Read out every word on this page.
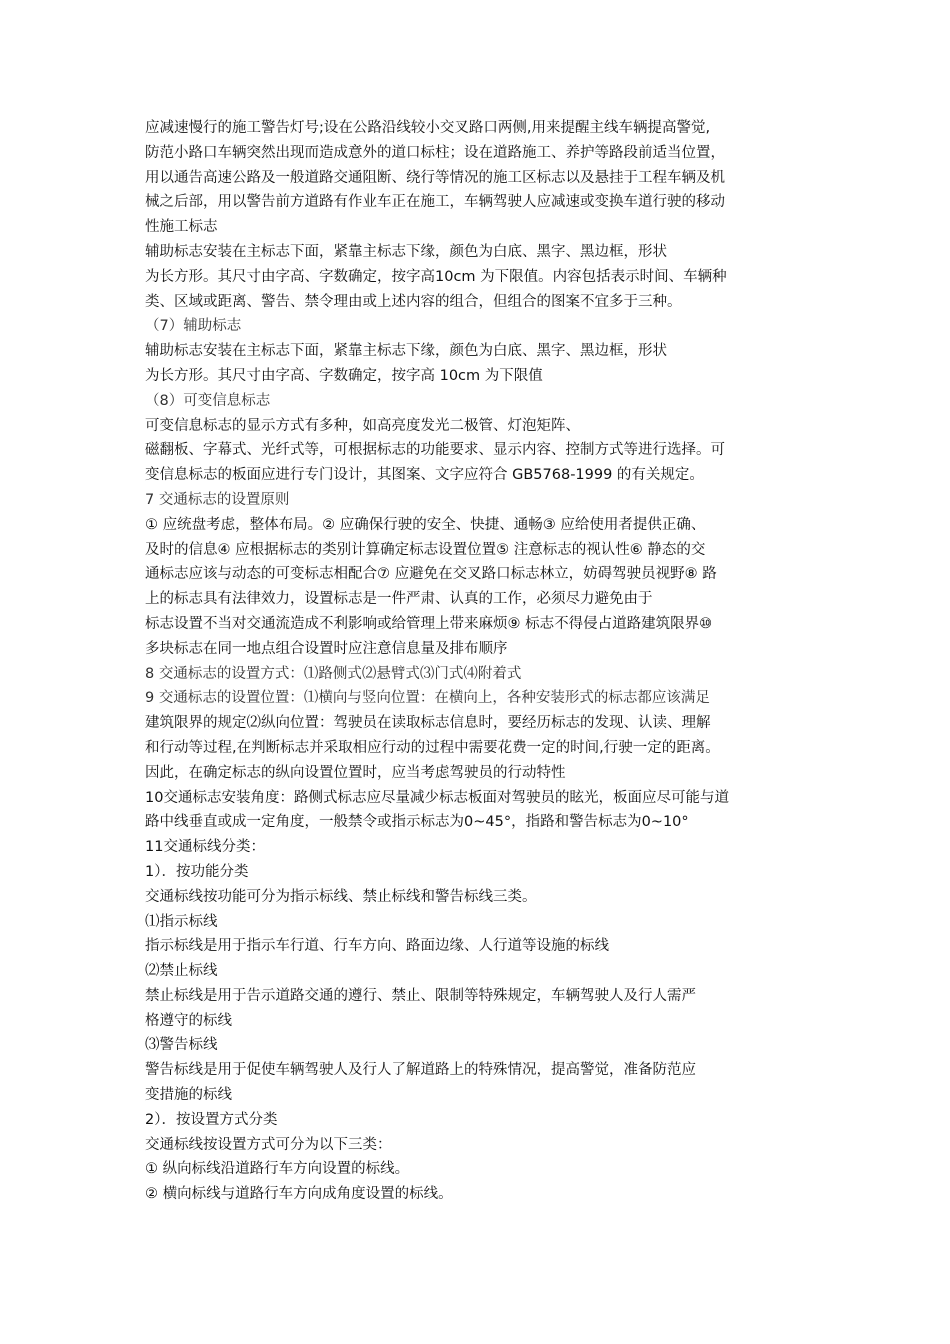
应减速慢行的施工警告灯号;设在公路沿线较小交叉路口两侧,用来提醒主线车辆提高警觉,
防范小路口车辆突然出现而造成意外的道口标柱；设在道路施工、养护等路段前适当位置，
用以通告高速公路及一般道路交通阻断、绕行等情况的施工区标志以及悬挂于工程车辆及机
械之后部，用以警告前方道路有作业车正在施工，车辆驾驶人应减速或变换车道行驶的移动
性施工标志
辅助标志安装在主标志下面，紧靠主标志下缘，颜色为白底、黑字、黑边框，形状
为长方形。其尺寸由字高、字数确定，按字高10cm 为下限值。内容包括表示时间、车辆种
类、区域或距离、警告、禁令理由或上述内容的组合，但组合的图案不宜多于三种。
（7）辅助标志
辅助标志安装在主标志下面，紧靠主标志下缘，颜色为白底、黑字、黑边框，形状
为长方形。其尺寸由字高、字数确定，按字高 10cm 为下限值
（8）可变信息标志
可变信息标志的显示方式有多种，如高亮度发光二极管、灯泡矩阵、
磁翻板、字幕式、光纤式等，可根据标志的功能要求、显示内容、控制方式等进行选择。可
变信息标志的板面应进行专门设计，其图案、文字应符合 GB5768-1999 的有关规定。
7 交通标志的设置原则
① 应统盘考虑，整体布局。② 应确保行驶的安全、快捷、通畅③ 应给使用者提供正确、
及时的信息④ 应根据标志的类别计算确定标志设置位置⑤ 注意标志的视认性⑥ 静态的交
通标志应该与动态的可变标志相配合⑦ 应避免在交叉路口标志林立，妨碍驾驶员视野⑧ 路
上的标志具有法律效力，设置标志是一件严肃、认真的工作，必须尽力避免由于
标志设置不当对交通流造成不利影响或给管理上带来麻烦⑨ 标志不得侵占道路建筑限界⑩
多块标志在同一地点组合设置时应注意信息量及排布顺序
8 交通标志的设置方式：⑴路侧式⑵悬臂式⑶门式⑷附着式
9 交通标志的设置位置：⑴横向与竖向位置：在横向上，各种安装形式的标志都应该满足
建筑限界的规定⑵纵向位置：驾驶员在读取标志信息时，要经历标志的发现、认读、理解
和行动等过程,在判断标志并采取相应行动的过程中需要花费一定的时间,行驶一定的距离。
因此，在确定标志的纵向设置位置时，应当考虑驾驶员的行动特性
10交通标志安装角度：路侧式标志应尽量减少标志板面对驾驶员的眩光，板面应尽可能与道
路中线垂直或成一定角度，一般禁令或指示标志为0~45°，指路和警告标志为0~10°
11交通标线分类：
1）．按功能分类
交通标线按功能可分为指示标线、禁止标线和警告标线三类。
⑴指示标线
指示标线是用于指示车行道、行车方向、路面边缘、人行道等设施的标线
⑵禁止标线
禁止标线是用于告示道路交通的遵行、禁止、限制等特殊规定，车辆驾驶人及行人需严
格遵守的标线
⑶警告标线
警告标线是用于促使车辆驾驶人及行人了解道路上的特殊情况，提高警觉，准备防范应
变措施的标线
2）．按设置方式分类
交通标线按设置方式可分为以下三类：
① 纵向标线沿道路行车方向设置的标线。
② 横向标线与道路行车方向成角度设置的标线。
